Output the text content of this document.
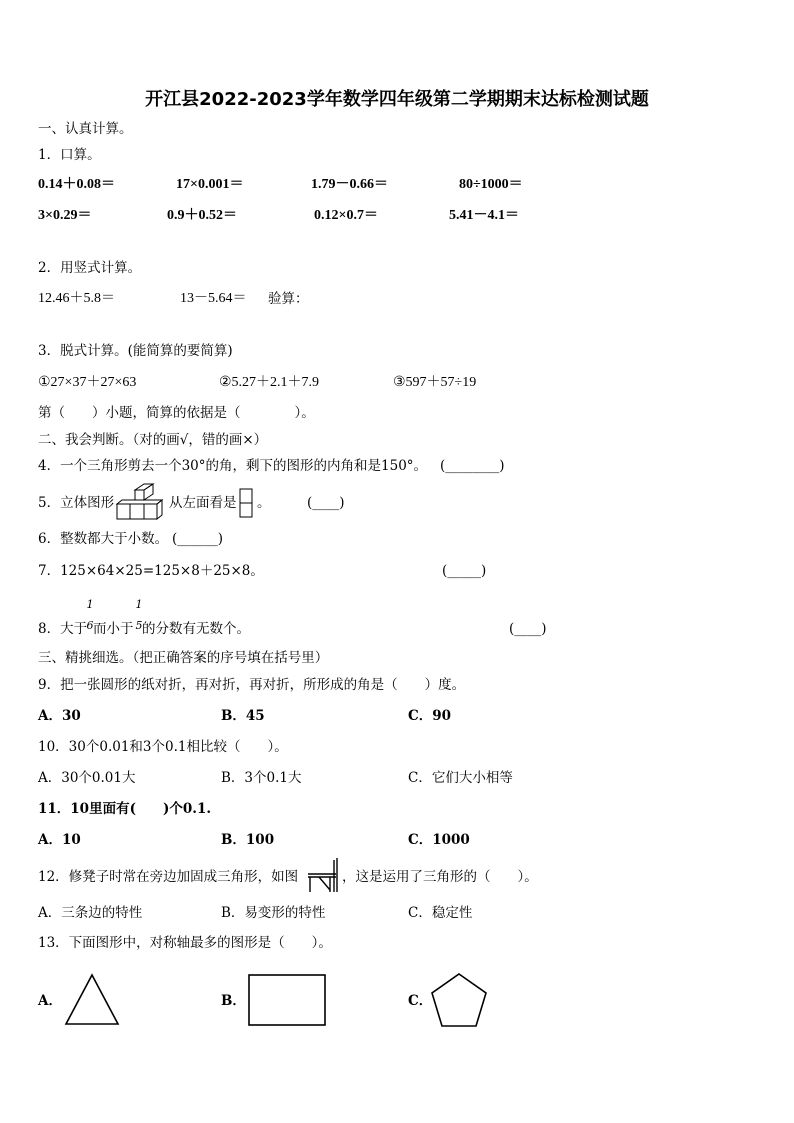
开江县2022-2023学年数学四年级第二学期期末达标检测试题
一、认真计算。
1．口算。
0.14＋0.08＝	17×0.001＝	1.79－0.66＝	80÷1000＝
3×0.29＝	0.9＋0.52＝	0.12×0.7＝	5.41－4.1＝
2．用竖式计算。
12.46＋5.8＝	13－5.64＝ 验算：
3．脱式计算。(能简算的要简算)
①27×37＋27×63	②5.27＋2.1＋7.9	③597＋57÷19
第（　　）小题，简算的依据是（　　　　）。
二、我会判断。（对的画√，错的画×）
4．一个三角形剪去一个30°的角，剩下的图形的内角和是150°。 (________)
5．立体图形	从左面看是 。	(____)
6．整数都大于小数。 (______)
7．125×64×25=125×8＋25×8。	(_____)
8．大于
1
6 而小于
1
5 的分数有无数个。	(____)
三、精挑细选。（把正确答案的序号填在括号里）
9．把一张圆形的纸对折，再对折，再对折，所形成的角是（　　）度。
A．30	B．45	C．90
10．30个0.01和3个0.1相比较（　　）。
A．30个0.01大	B．3个0.1大	C．它们大小相等
11．10里面有(　　)个0.1.
A．10	B．100	C．1000
12．修凳子时常在旁边加固成三角形，如图	，这是运用了三角形的（　　）。
A．三条边的特性	B．易变形的特性	C．稳定性
13．下面图形中，对称轴最多的图形是（　　）。
A．	B．	C．
